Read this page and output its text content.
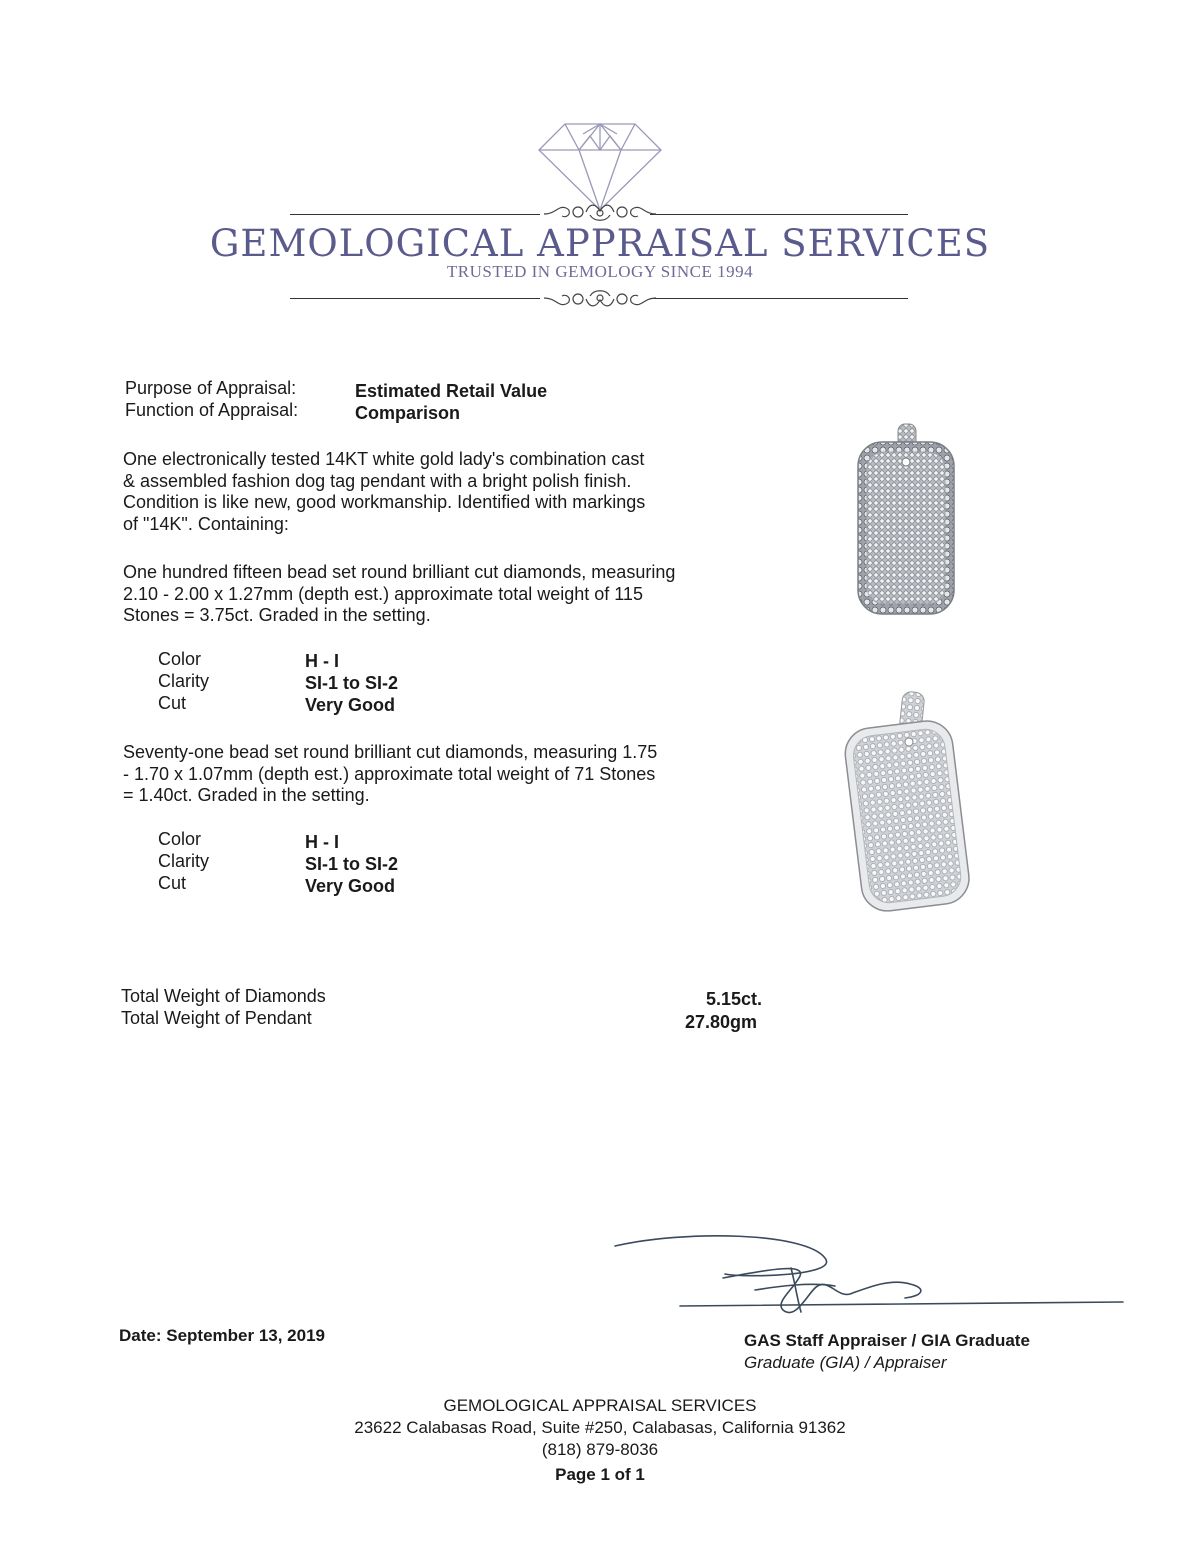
GEMOLOGICAL APPRAISAL SERVICES
TRUSTED IN GEMOLOGY SINCE 1994
Purpose of Appraisal:	Estimated Retail Value
Function of Appraisal:	Comparison
One electronically tested 14KT white gold lady's combination cast
& assembled fashion dog tag pendant with a bright polish finish.
Condition is like new, good workmanship. Identified with markings
of "14K". Containing:
One hundred fifteen bead set round brilliant cut diamonds, measuring
2.10 - 2.00 x 1.27mm (depth est.) approximate total weight of 115
Stones = 3.75ct. Graded in the setting.
Color	H - I
Clarity	SI-1 to SI-2
Cut	Very Good
Seventy-one bead set round brilliant cut diamonds, measuring 1.75
- 1.70 x 1.07mm (depth est.) approximate total weight of 71 Stones
= 1.40ct. Graded in the setting.
Color	H - I
Clarity	SI-1 to SI-2
Cut	Very Good
Total Weight of Diamonds	5.15ct.
Total Weight of Pendant	27.80gm
Date: September 13, 2019	GAS Staff Appraiser / GIA Graduate
Graduate (GIA) / Appraiser
GEMOLOGICAL APPRAISAL SERVICES
23622 Calabasas Road, Suite #250, Calabasas, California 91362
(818) 879-8036
Page 1 of 1
